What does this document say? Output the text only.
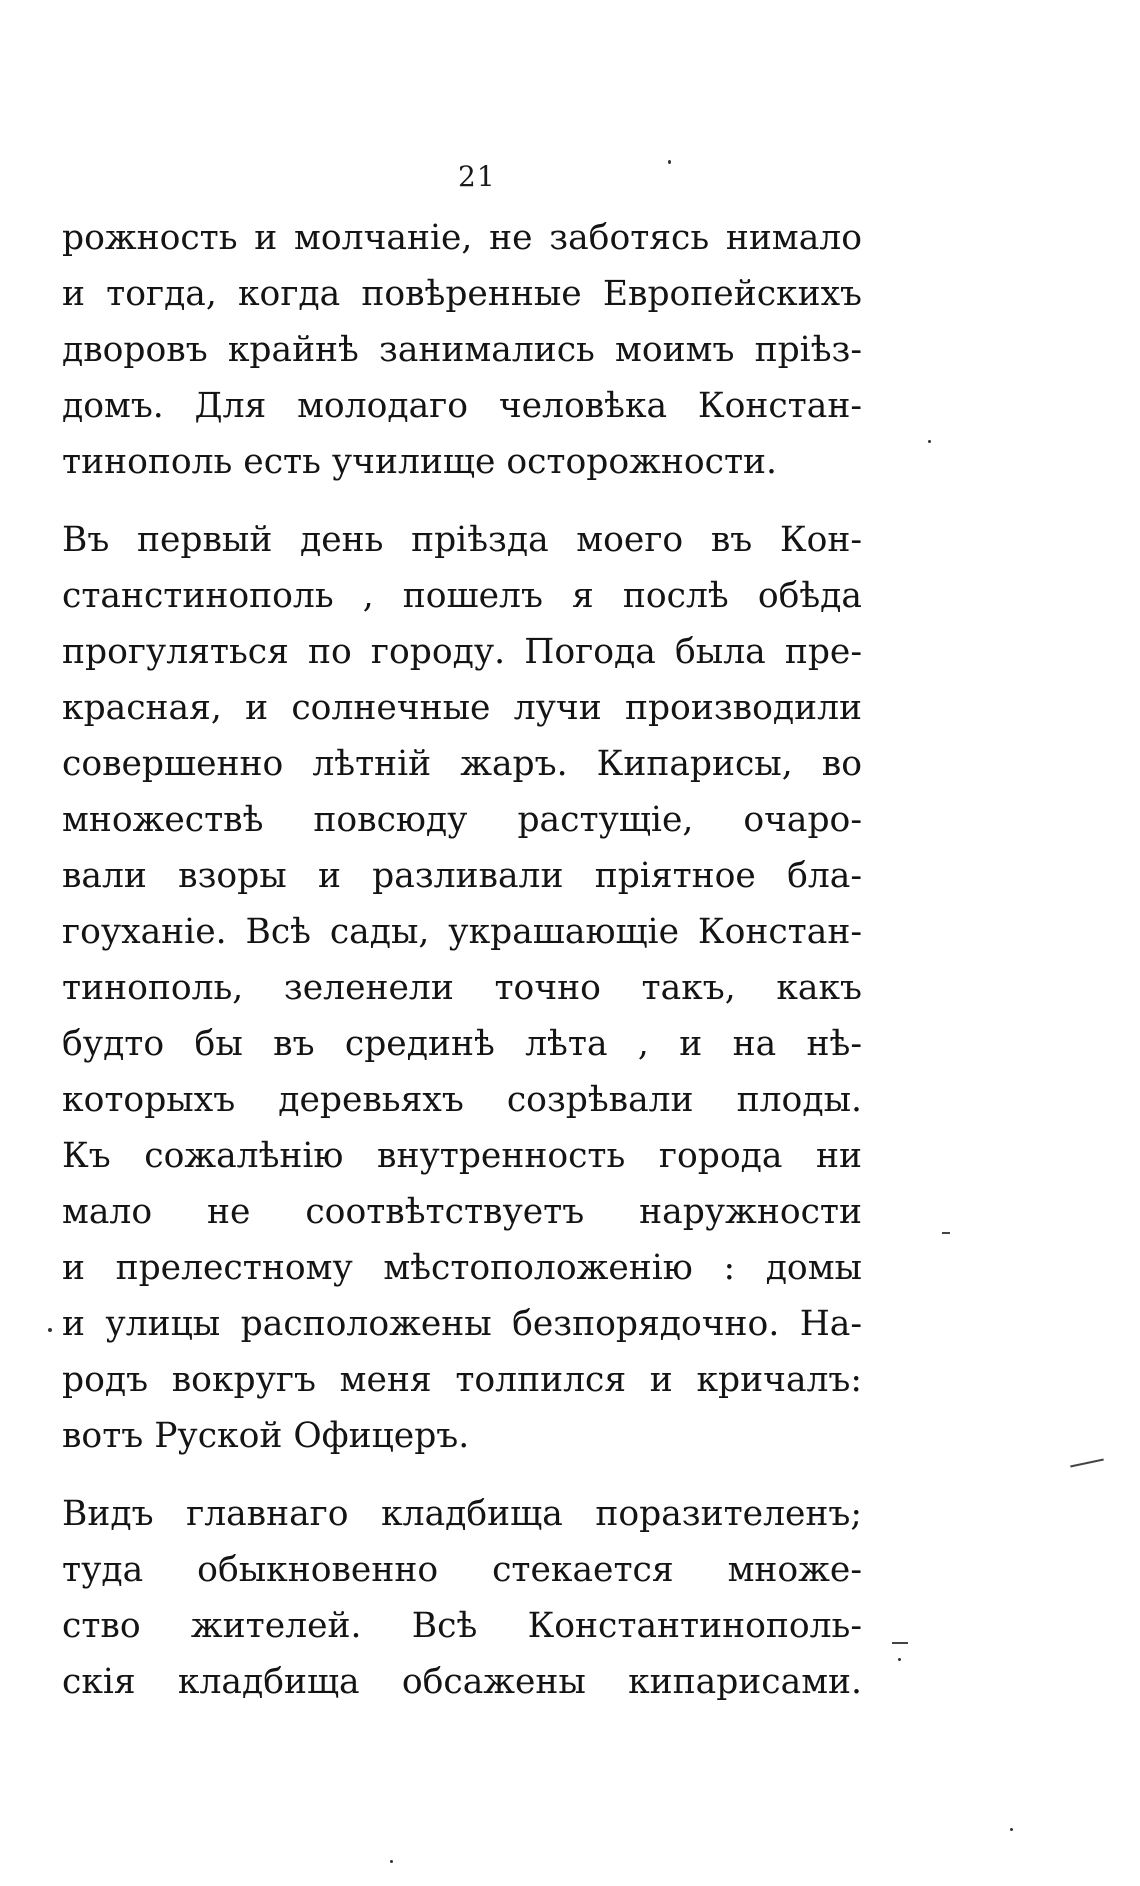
21
рожность и молчаніе, не заботясь нимало
и тогда, когда повѣренные Европейскихъ
дворовъ крайнѣ занимались моимъ пріѣз-
домъ. Для молодаго человѣка Констан-
тинополь есть училище осторожности.
Въ первый день пріѣзда моего въ Кон-
станстинополь , пошелъ я послѣ обѣда
прогуляться по городу. Погода была пре-
красная, и солнечные лучи производили
совершенно лѣтній жаръ. Кипарисы, во
множествѣ повсюду растущіе, очаро-
вали взоры и разливали пріятное бла-
гоуханіе. Всѣ сады, украшающіе Констан-
тинополь, зеленели точно такъ, какъ
будто бы въ срединѣ лѣта , и на нѣ-
которыхъ деревьяхъ созрѣвали плоды.
Къ сожалѣнію внутренность города ни
мало не соотвѣтствуетъ наружности
и прелестному мѣстоположенію : домы
и улицы расположены безпорядочно. На-
родъ вокругъ меня толпился и кричалъ:
вотъ Руской Офицеръ.
Видъ главнаго кладбища поразителенъ;
туда обыкновенно стекается множе-
ство жителей. Всѣ Константинополь-
скія кладбища обсажены кипарисами.
